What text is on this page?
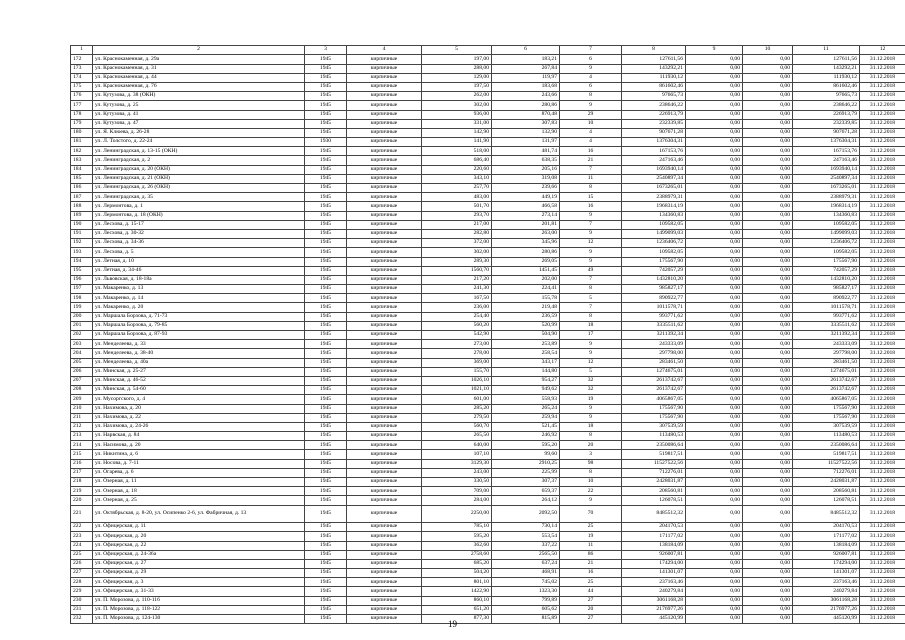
1	2	3	4	5	6	7	8	9	10	11	12
172	ул. Краснокаменная, д. 29а	1945	кирпичные	197,00	183,21	6	127611,56	0,00	0,00	127611,56	31.12.2018
173	ул. Краснокаменная, д. 31	1945	кирпичные	288,00	267,84	9	143292,21	0,00	0,00	143292,21	31.12.2018
174	ул. Краснокаменная, д. 44	1945	кирпичные	129,00	119,97	4	111930,12	0,00	0,00	111930,12	31.12.2018
175	ул. Краснокаменная, д. 76	1945	кирпичные	197,50	183,68	6	861602,46	0,00	0,00	861602,46	31.12.2018
176	ул. Кутузова, д. 38 (ОКН)	1945	кирпичные	262,00	243,66	8	97665,73	0,00	0,00	97665,73	31.12.2018
177	ул. Кутузова, д. 25	1945	кирпичные	302,00	280,86	9	238646,22	0,00	0,00	238646,22	31.12.2018
178	ул. Кутузова, д. 41	1945	кирпичные	936,00	870,48	29	226913,79	0,00	0,00	226913,79	31.12.2018
179	ул. Кутузова, д. 47	1945	кирпичные	331,00	307,83	10	232339,85	0,00	0,00	232339,85	31.12.2018
180	ул. Я. Клюева, д. 26-28	1945	кирпичные	142,90	132,90	4	907671,28	0,00	0,00	907671,28	31.12.2018
181	ул. Л. Толстого, д. 22-24	1930	кирпичные	141,90	131,97	4	1376304,31	0,00	0,00	1376304,31	31.12.2018
182	ул. Ленинградская, д. 13-15 (ОКН)	1945	кирпичные	518,00	481,74	16	167153,76	0,00	0,00	167153,76	31.12.2018
183	ул. Ленинградская, д. 2	1945	кирпичные	686,40	638,35	21	247163,46	0,00	0,00	247163,46	31.12.2018
184	ул. Ленинградская, д. 20 (ОКН)	1945	кирпичные	220,60	205,16	7	1693940,14	0,00	0,00	1693940,14	31.12.2018
185	ул. Ленинградская, д. 21 (ОКН)	1945	кирпичные	343,10	319,08	11	2540897,34	0,00	0,00	2540897,34	31.12.2018
186	ул. Ленинградская, д. 26 (ОКН)	1945	кирпичные	257,70	239,66	8	1673265,01	0,00	0,00	1673265,01	31.12.2018
187	ул. Ленинградская, д. 35	1945	кирпичные	483,00	449,19	15	2388979,31	0,00	0,00	2388979,31	31.12.2018
188	ул. Лермонтова, д. 1	1945	кирпичные	501,70	466,58	16	1968314,19	0,00	0,00	1968314,19	31.12.2018
189	ул. Лермонтова, д. 18 (ОКН)	1945	кирпичные	293,70	273,14	9	134360,83	0,00	0,00	134360,83	31.12.2018
190	ул. Лесхова, д. 15-17	1945	кирпичные	217,00	201,81	7	109582,05	0,00	0,00	109582,05	31.12.2018
191	ул. Лесхова, д. 30-32	1945	кирпичные	282,80	263,00	9	1499099,03	0,00	0,00	1499099,03	31.12.2018
192	ул. Лесхова, д. 34-36	1945	кирпичные	372,00	345,96	12	1236406,72	0,00	0,00	1236406,72	31.12.2018
193	ул. Лесхова, д. 5	1945	кирпичные	302,00	280,86	9	109582,05	0,00	0,00	109582,05	31.12.2018
194	ул. Летная, д. 10	1945	кирпичные	289,30	269,05	9	175567,90	0,00	0,00	175567,90	31.12.2018
195	ул. Летная, д. 34-46	1945	кирпичные	1560,70	1451,45	49	742057,29	0,00	0,00	742057,29	31.12.2018
196	ул. Львовская, д. 18-18а	1945	кирпичные	217,20	202,00	7	1432810,20	0,00	0,00	1432810,20	31.12.2018
197	ул. Макаренко, д. 13	1945	кирпичные	241,30	224,41	8	985827,17	0,00	0,00	985827,17	31.12.2018
198	ул. Макаренко, д. 14	1945	кирпичные	167,50	155,78	5	890922,77	0,00	0,00	890922,77	31.12.2018
199	ул. Макаренко, д. 20	1945	кирпичные	236,00	219,48	7	1011578,71	0,00	0,00	1011578,71	31.12.2018
200	ул. Маршала Борзова, д. 71-73	1945	кирпичные	254,40	236,59	8	993771,62	0,00	0,00	993771,62	31.12.2018
201	ул. Маршала Борзова, д. 79-85	1945	кирпичные	560,20	520,99	18	3335511,62	0,00	0,00	3335511,62	31.12.2018
202	ул. Маршала Борзова, д. 87-93	1945	кирпичные	542,90	504,90	17	3211392,34	0,00	0,00	3211392,34	31.12.2018
203	ул. Менделеева, д. 33	1945	кирпичные	273,00	253,89	9	243333,09	0,00	0,00	243333,09	31.12.2018
204	ул. Менделеева, д. 38-40	1945	кирпичные	278,00	258,54	9	297798,00	0,00	0,00	297798,00	31.12.2018
205	ул. Менделеева, д. 40а	1945	кирпичные	369,00	343,17	12	283461,50	0,00	0,00	283461,50	31.12.2018
206	ул. Минская, д. 25-27	1945	кирпичные	155,70	144,80	5	1274675,01	0,00	0,00	1274675,01	31.12.2018
207	ул. Минская, д. 46-52	1945	кирпичные	1026,10	954,27	32	2613742,67	0,00	0,00	2613742,67	31.12.2018
208	ул. Минская, д. 54-60	1945	кирпичные	1021,10	949,62	32	2613742,67	0,00	0,00	2613742,67	31.12.2018
209	ул. Мусоргского, д. 4	1945	кирпичные	601,00	558,93	19	4065867,05	0,00	0,00	4065867,05	31.12.2018
210	ул. Нахимова, д. 20	1945	кирпичные	285,20	265,24	9	175567,90	0,00	0,00	175567,90	31.12.2018
211	ул. Нахимова, д. 22	1945	кирпичные	279,50	259,94	9	175567,90	0,00	0,00	175567,90	31.12.2018
212	ул. Нахимова, д. 24-26	1945	кирпичные	560,70	521,45	18	307539,59	0,00	0,00	307539,59	31.12.2018
213	ул. Нарвская, д. 84	1945	кирпичные	265,50	246,92	8	113480,53	0,00	0,00	113480,53	31.12.2018
214	ул. Насимова, д. 20	1945	кирпичные	640,00	595,20	20	2350086,64	0,00	0,00	2350086,64	31.12.2018
215	ул. Никитина, д. 6	1945	кирпичные	107,10	99,60	3	519817,51	0,00	0,00	519817,51	31.12.2018
216	ул. Носова, д. 7-11	1945	кирпичные	3129,30	2910,25	98	11527522,56	0,00	0,00	11527522,56	31.12.2018
217	ул. Огарева, д. 6	1945	кирпичные	243,00	225,99	8	712276,01	0,00	0,00	712276,01	31.12.2018
218	ул. Озерная, д. 11	1945	кирпичные	330,50	307,37	10	2428031,87	0,00	0,00	2428031,87	31.12.2018
219	ул. Озерная, д. 18	1945	кирпичные	709,00	659,37	22	208560,81	0,00	0,00	208560,81	31.12.2018
220	ул. Озерная, д. 25	1945	кирпичные	284,00	264,12	9	126078,51	0,00	0,00	126078,51	31.12.2018
221	ул. Октябрьская, д. 8-20, ул. Осипенко 2-6, ул. Фабричная, д. 13	1945	кирпичные	2250,00	2092,50	70	8485512,32	0,00	0,00	8485512,32	31.12.2018
222	ул. Офицерская, д. 11	1945	кирпичные	785,10	730,14	25	204170,53	0,00	0,00	204170,53	31.12.2018
223	ул. Офицерская, д. 20	1945	кирпичные	595,20	553,54	19	171177,02	0,00	0,00	171177,02	31.12.2018
224	ул. Офицерская, д. 22	1945	кирпичные	362,60	337,22	11	138184,09	0,00	0,00	138184,09	31.12.2018
225	ул. Офицерская, д. 24-36а	1945	кирпичные	2758,60	2565,50	86	926007,81	0,00	0,00	926007,81	31.12.2018
226	ул. Офицерская, д. 27	1945	кирпичные	685,20	637,24	21	174294,00	0,00	0,00	174294,00	31.12.2018
227	ул. Офицерская, д. 29	1945	кирпичные	504,20	468,91	16	141301,07	0,00	0,00	141301,07	31.12.2018
228	ул. Офицерская, д. 3	1945	кирпичные	801,10	745,02	25	237163,46	0,00	0,00	237163,46	31.12.2018
229	ул. Офицерская, д. 31-33	1945	кирпичные	1422,90	1323,30	44	240279,84	0,00	0,00	240279,84	31.12.2018
230	ул. П. Морозова, д. 110-116	1945	кирпичные	860,10	799,89	27	3061168,28	0,00	0,00	3061168,28	31.12.2018
231	ул. П. Морозова, д. 118-122	1945	кирпичные	651,20	605,62	20	2176977,26	0,00	0,00	2176977,26	31.12.2018
232	ул. П. Морозова, д. 124-130	1945	кирпичные	877,30	815,89	27	445120,99	0,00	0,00	445120,99	31.12.2018
19
